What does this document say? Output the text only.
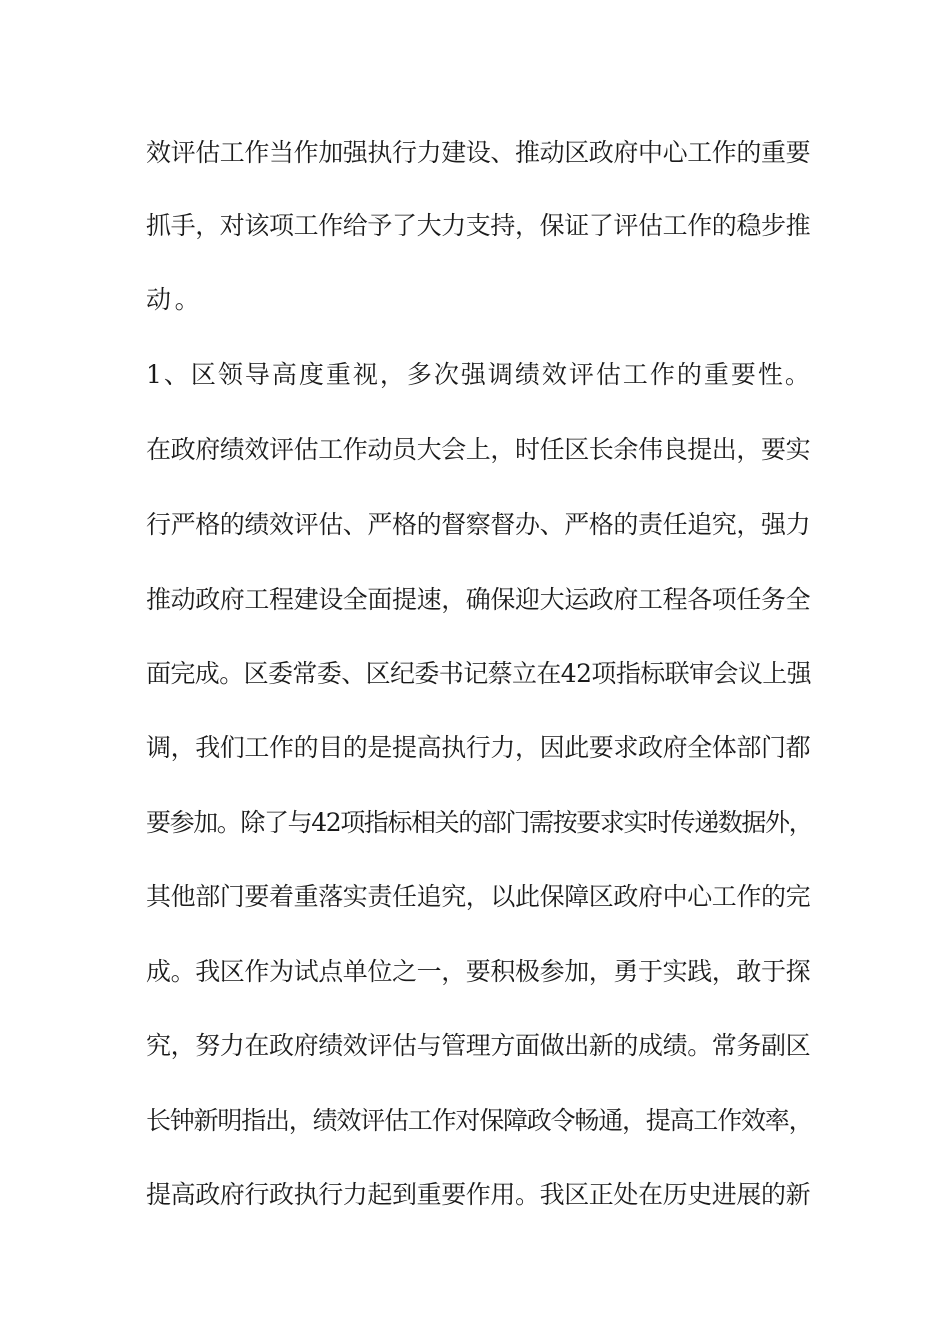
效评估工作当作加强执行力建设、推动区政府中心工作的重要
抓手，对该项工作给予了大力支持，保证了评估工作的稳步推
动。
1、区领导高度重视，多次强调绩效评估工作的重要性。
在政府绩效评估工作动员大会上，时任区长余伟良提出，要实
行严格的绩效评估、严格的督察督办、严格的责任追究，强力
推动政府工程建设全面提速，确保迎大运政府工程各项任务全
面完成。区委常委、区纪委书记蔡立在42项指标联审会议上强
调，我们工作的目的是提高执行力，因此要求政府全体部门都
要参加。除了与42项指标相关的部门需按要求实时传递数据外，
其他部门要着重落实责任追究，以此保障区政府中心工作的完
成。我区作为试点单位之一，要积极参加，勇于实践，敢于探
究，努力在政府绩效评估与管理方面做出新的成绩。常务副区
长钟新明指出，绩效评估工作对保障政令畅通，提高工作效率，
提高政府行政执行力起到重要作用。我区正处在历史进展的新
